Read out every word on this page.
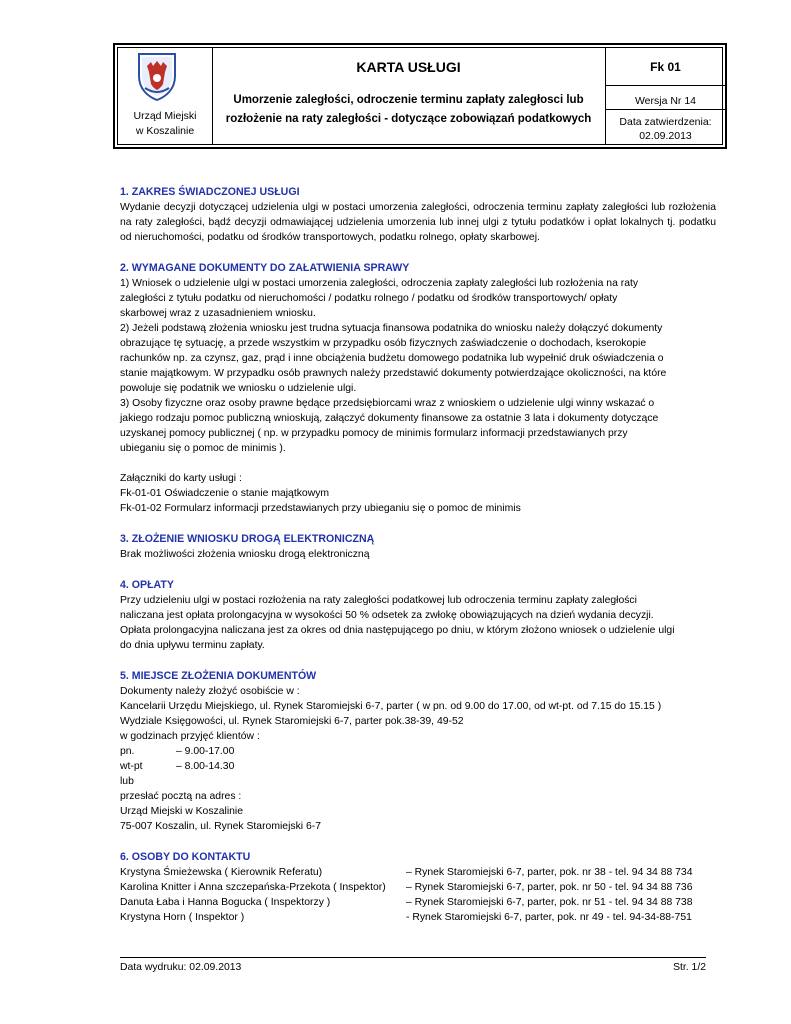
Urząd Miejski
w Koszalinie
KARTA USŁUGI
Umorzenie zaległości, odroczenie terminu zapłaty zaległosci lub rozłożenie na raty zaległości - dotyczące zobowiązań podatkowych
Fk 01
Wersja Nr 14
Data zatwierdzenia:
02.09.2013
1. ZAKRES ŚWIADCZONEJ USŁUGI

Wydanie decyzji dotyczącej udzielenia ulgi w postaci umorzenia zaległości, odroczenia terminu zapłaty zaległości lub rozłożenia na raty zaległości, bądź decyzji odmawiającej udzielenia umorzenia lub innej ulgi z tytułu podatków i opłat lokalnych tj. podatku od nieruchomości, podatku od środków transportowych, podatku rolnego, opłaty skarbowej.

2. WYMAGANE DOKUMENTY DO ZAŁATWIENIA SPRAWY
1) Wniosek o udzielenie ulgi w postaci umorzenia zaległości, odroczenia zapłaty zaległości lub rozłożenia na raty
zaległości z tytułu podatku od nieruchomości / podatku rolnego / podatku od środków transportowych/ opłaty
skarbowej wraz z uzasadnieniem wniosku.
2) Jeżeli podstawą złożenia wniosku jest trudna sytuacja finansowa podatnika do wniosku należy dołączyć dokumenty
obrazujące tę sytuację, a przede wszystkim w przypadku osób fizycznych zaświadczenie o dochodach, kserokopie
rachunków np. za czynsz, gaz, prąd i inne obciążenia budżetu domowego podatnika lub wypełnić druk oświadczenia o
stanie majątkowym. W przypadku osób prawnych należy przedstawić dokumenty potwierdzające okoliczności, na które
powoluje się podatnik we wniosku o udzielenie ulgi.
3) Osoby fizyczne oraz osoby prawne będące przedsiębiorcami wraz z wnioskiem o udzielenie ulgi winny wskazać o
jakiego rodzaju pomoc publiczną wnioskują, załączyć dokumenty finansowe za ostatnie 3 lata i dokumenty dotyczące
uzyskanej pomocy publicznej ( np. w przypadku pomocy de minimis formularz informacji przedstawianych przy
ubieganiu się o pomoc de minimis ).
Załączniki do karty usługi :
Fk-01-01 Oświadczenie o stanie majątkowym
Fk-01-02 Formularz informacji przedstawianych przy ubieganiu się o pomoc de minimis
3. ZŁOŻENIE WNIOSKU DROGĄ ELEKTRONICZNĄ
Brak możliwości złożenia wniosku drogą elektroniczną
4. OPŁATY
Przy udzieleniu ulgi w postaci rozłożenia na raty zaległości podatkowej lub odroczenia terminu zapłaty zaległości
naliczana jest opłata prolongacyjna w wysokości 50 % odsetek za zwłokę obowiązujących na dzień wydania decyzji.
Opłata prolongacyjna naliczana jest za okres od dnia następującego po dniu, w którym złożono wniosek o udzielenie ulgi
do dnia upływu terminu zapłaty.
5. MIEJSCE ZŁOŻENIA DOKUMENTÓW
Dokumenty należy złożyć osobiście w :
Kancelarii Urzędu Miejskiego, ul. Rynek Staromiejski 6-7, parter ( w pn. od 9.00 do 17.00, od wt-pt. od 7.15 do 15.15 )
Wydziale Księgowości, ul. Rynek Staromiejski 6-7, parter pok.38-39, 49-52
w godzinach przyjęć klientów :
pn.	– 9.00-17.00
wt-pt	– 8.00-14.30
lub
przesłać pocztą na adres :
Urząd Miejski w Koszalinie
75-007 Koszalin, ul. Rynek Staromiejski 6-7
6. OSOBY DO KONTAKTU
Krystyna Śmieżewska ( Kierownik Referatu)	– Rynek Staromiejski 6-7, parter, pok. nr 38 - tel. 94 34 88 734
Karolina Knitter i Anna szczepańska-Przekota ( Inspektor)	– Rynek Staromiejski 6-7, parter, pok. nr 50 - tel. 94 34 88 736
Danuta Łaba i Hanna Bogucka ( Inspektorzy )	– Rynek Staromiejski 6-7, parter, pok. nr 51 - tel. 94 34 88 738
Krystyna Horn ( Inspektor )	- Rynek Staromiejski 6-7, parter, pok. nr 49 - tel. 94-34-88-751
Data wydruku: 02.09.2013	Str. 1/2
